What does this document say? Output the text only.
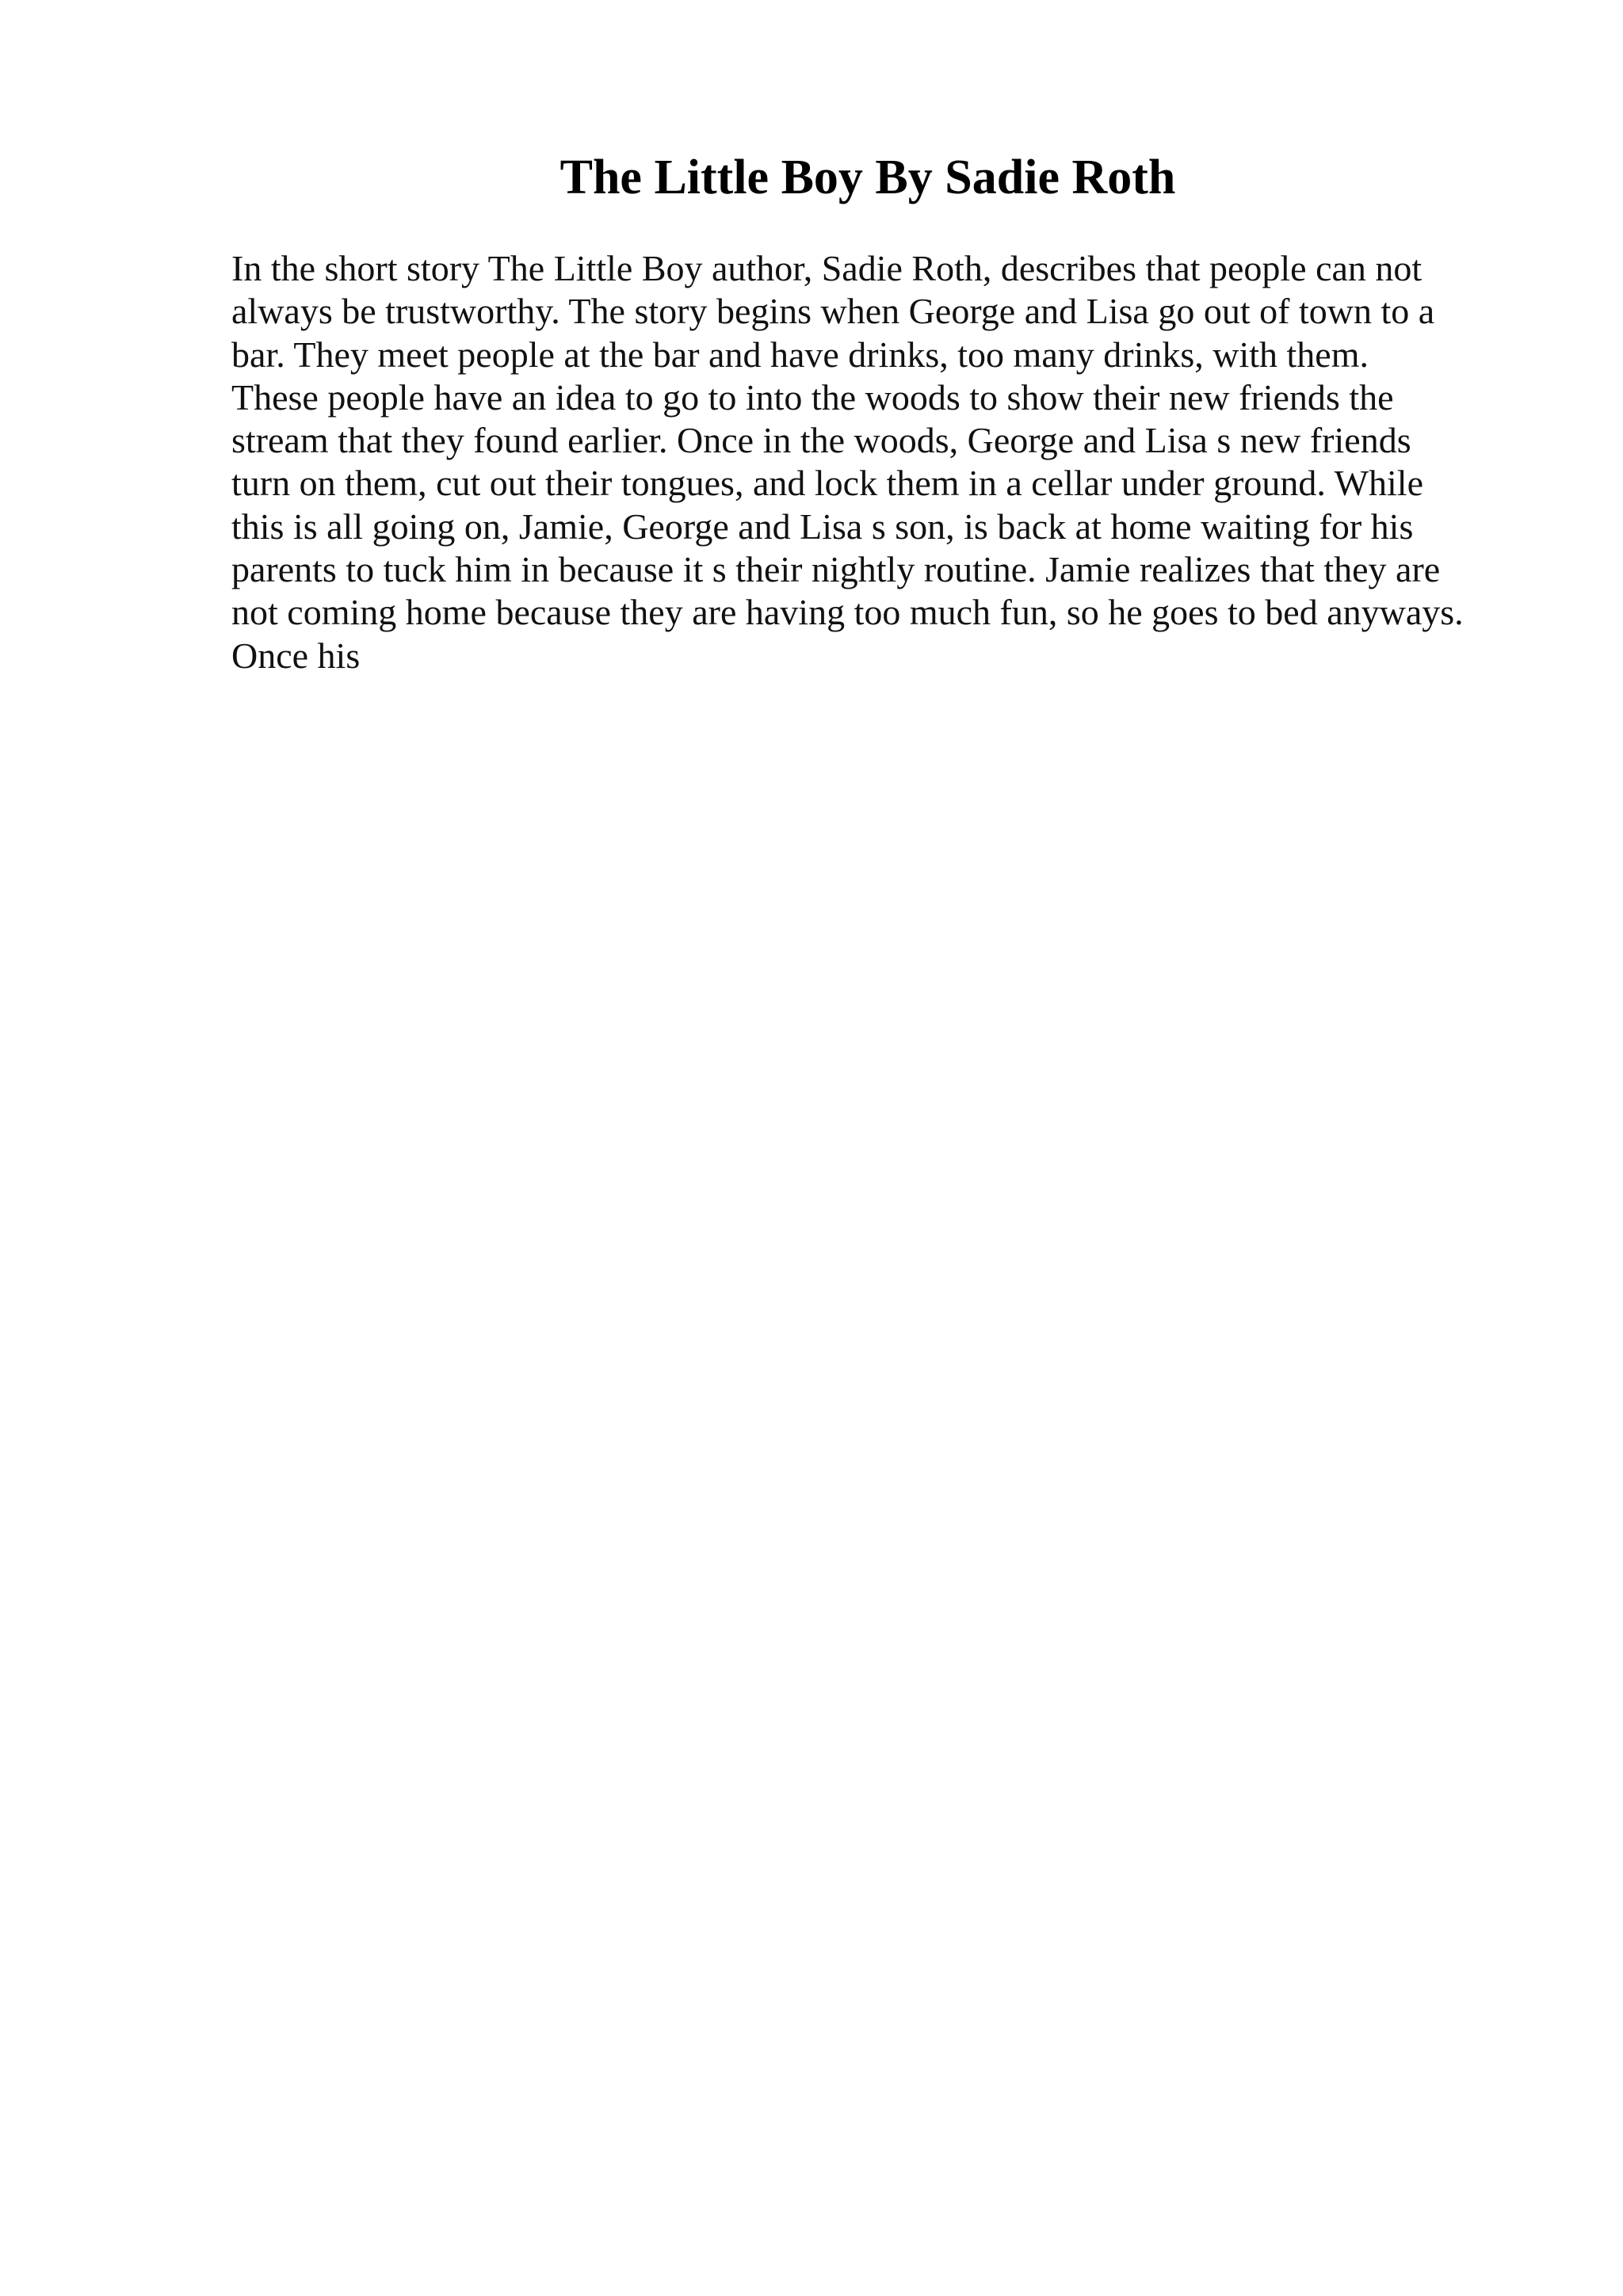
The Little Boy By Sadie Roth
In the short story The Little Boy author, Sadie Roth, describes that people can not
always be trustworthy. The story begins when George and Lisa go out of town to a
bar. They meet people at the bar and have drinks, too many drinks, with them.
These people have an idea to go to into the woods to show their new friends the
stream that they found earlier. Once in the woods, George and Lisa s new friends
turn on them, cut out their tongues, and lock them in a cellar under ground. While
this is all going on, Jamie, George and Lisa s son, is back at home waiting for his
parents to tuck him in because it s their nightly routine. Jamie realizes that they are
not coming home because they are having too much fun, so he goes to bed anyways.
Once his
